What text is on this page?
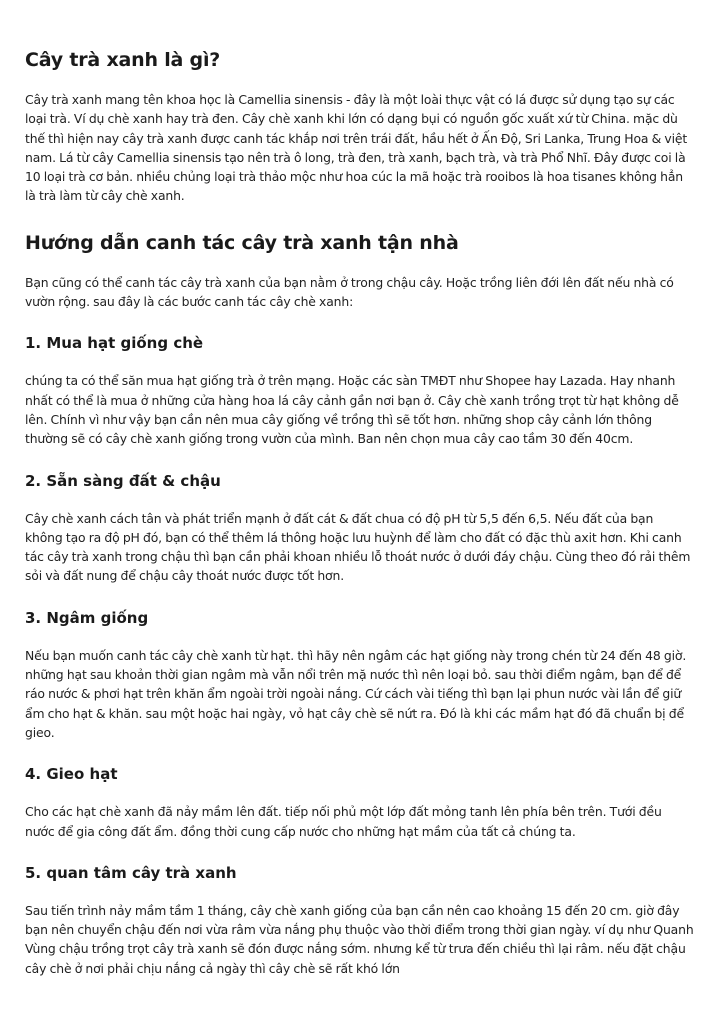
Cây trà xanh là gì?

Cây trà xanh mang tên khoa học là Camellia sinensis - đây là một loài thực vật có lá được sử dụng tạo sự các loại trà. Ví dụ chè xanh hay trà đen. Cây chè xanh khi lớn có dạng bụi có nguồn gốc xuất xứ từ China. mặc dù thế thì hiện nay cây trà xanh được canh tác khắp nơi trên trái đất, hầu hết ở Ấn Độ, Sri Lanka, Trung Hoa & việt nam. Lá từ cây Camellia sinensis tạo nên trà ô long, trà đen, trà xanh, bạch trà, và trà Phổ Nhĩ. Đây được coi là 10 loại trà cơ bản. nhiều chủng loại trà thảo mộc như hoa cúc la mã hoặc trà rooibos là hoa tisanes không hẳn là trà làm từ cây chè xanh.

Hướng dẫn canh tác cây trà xanh tận nhà

Bạn cũng có thể canh tác cây trà xanh của bạn nằm ở trong chậu cây. Hoặc trồng liên đới lên đất nếu nhà có vườn rộng. sau đây là các bước canh tác cây chè xanh:

1. Mua hạt giống chè

chúng ta có thể săn mua hạt giống trà ở trên mạng. Hoặc các sàn TMĐT như Shopee hay Lazada. Hay nhanh nhất có thể là mua ở những cửa hàng hoa lá cây cảnh gần nơi bạn ở. Cây chè xanh trồng trọt từ hạt không dễ lên. Chính vì như vậy bạn cần nên mua cây giống về trồng thì sẽ tốt hơn. những shop cây cảnh lớn thông thường sẽ có cây chè xanh giống trong vườn của mình. Ban nên chọn mua cây cao tầm 30 đến 40cm.

2. Sẵn sàng đất & chậu

Cây chè xanh cách tân và phát triển mạnh ở đất cát & đất chua có độ pH từ 5,5 đến 6,5. Nếu đất của bạn không tạo ra độ pH đó, bạn có thể thêm lá thông hoặc lưu huỳnh để làm cho đất có đặc thù axit hơn. Khi canh tác cây trà xanh trong chậu thì bạn cần phải khoan nhiều lỗ thoát nước ở dưới đáy chậu. Cùng theo đó rải thêm sỏi và đất nung để chậu cây thoát nước được tốt hơn.

3. Ngâm giống

Nếu bạn muốn canh tác cây chè xanh từ hạt. thì hãy nên ngâm các hạt giống này trong chén từ 24 đến 48 giờ. những hạt sau khoản thời gian ngâm mà vẫn nổi trên mặ nước thì nên loại bỏ. sau thời điểm ngâm, bạn để để ráo nước & phơi hạt trên khăn ẩm ngoài trời ngoài nắng. Cứ cách vài tiếng thì bạn lại phun nước vài lần để giữ ẩm cho hạt & khăn. sau một hoặc hai ngày, vỏ hạt cây chè sẽ nứt ra. Đó là khi các mầm hạt đó đã chuẩn bị để gieo.

4. Gieo hạt

Cho các hạt chè xanh đã nảy mầm lên đất. tiếp nối phủ một lớp đất mỏng tanh lên phía bên trên. Tưới đều nước để gia công đất ẩm. đồng thời cung cấp nước cho những hạt mầm của tất cả chúng ta.

5. quan tâm cây trà xanh

Sau tiến trình nảy mầm tầm 1 tháng, cây chè xanh giống của bạn cần nên cao khoảng 15 đến 20 cm. giờ đây bạn nên chuyển chậu đến nơi vừa râm vừa nắng phụ thuộc vào thời điểm trong thời gian ngày. ví dụ như Quanh Vùng chậu trồng trọt cây trà xanh sẽ đón được nắng sớm. nhưng kể từ trưa đến chiều thì lại râm. nếu đặt chậu cây chè ở nơi phải chịu nắng cả ngày thì cây chè sẽ rất khó lớn
